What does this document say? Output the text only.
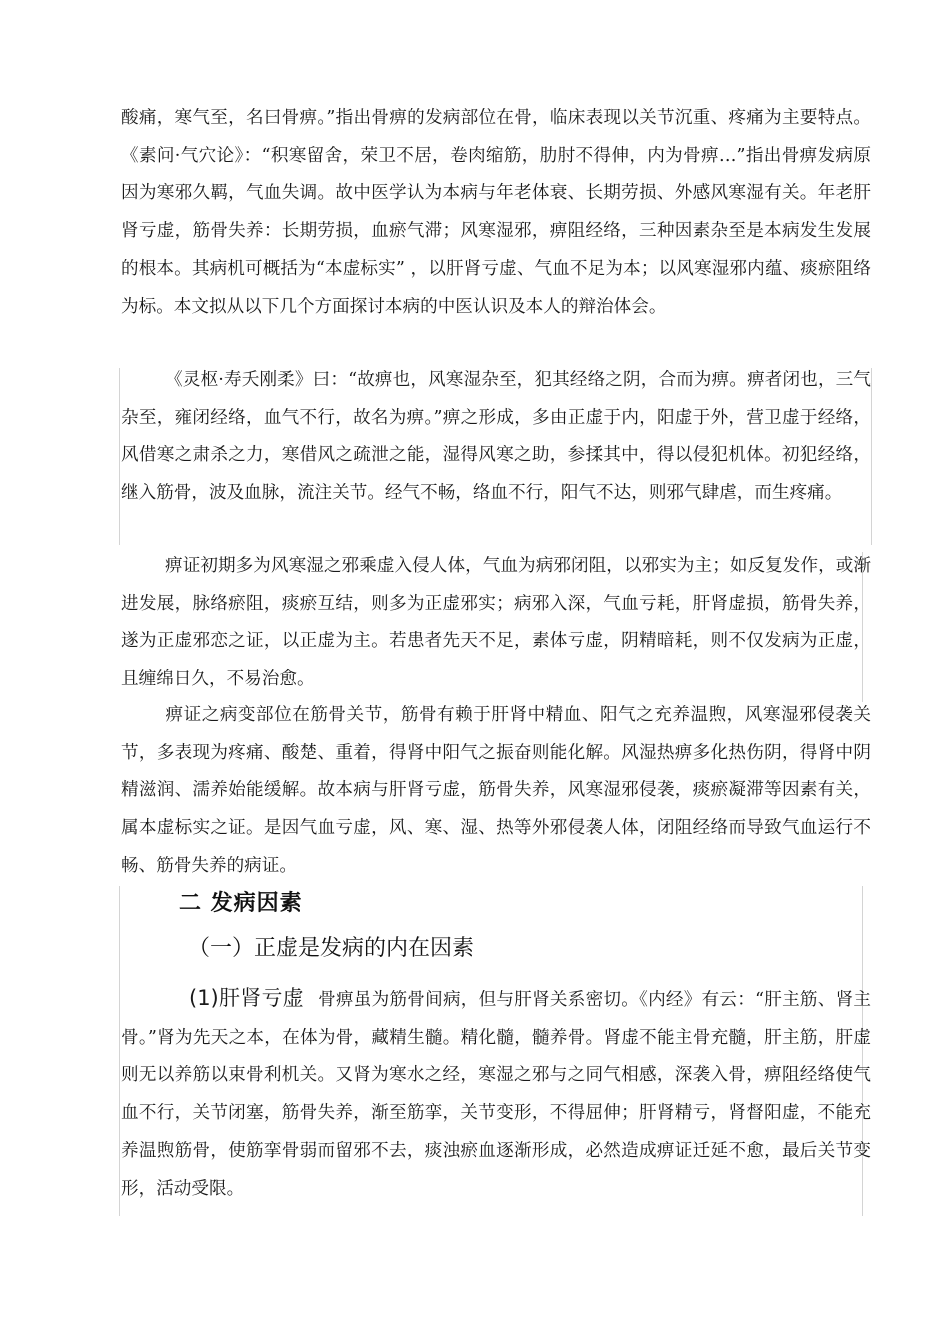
酸痛，寒气至，名曰骨痹。”指出骨痹的发病部位在骨，临床表现以关节沉重、疼痛为主要特点。 《素问·气穴论》：“积寒留舍，荣卫不居，卷肉缩筋，肋肘不得伸，内为骨痹…”指出骨痹发病原因为寒邪久羁，气血失调。故中医学认为本病与年老体衰、长期劳损、外感风寒湿有关。年老肝肾亏虚，筋骨失养：长期劳损，血瘀气滞；风寒湿邪，痹阻经络，三种因素杂至是本病发生发展的根本。其病机可概括为“本虚标实” ，以肝肾亏虚、气血不足为本；以风寒湿邪内蕴、痰瘀阻络为标。本文拟从以下几个方面探讨本病的中医认识及本人的辩治体会。
《灵枢·寿夭刚柔》曰：“故痹也，风寒湿杂至，犯其经络之阴，合而为痹。痹者闭也，三气杂至，雍闭经络，血气不行，故名为痹。”痹之形成，多由正虚于内，阳虚于外，营卫虚于经络，风借寒之肃杀之力，寒借风之疏泄之能，湿得风寒之助，参揉其中，得以侵犯机体。初犯经络，继入筋骨，波及血脉，流注关节。经气不畅，络血不行，阳气不达，则邪气肆虐，而生疼痛。
痹证初期多为风寒湿之邪乘虚入侵人体，气血为病邪闭阻，以邪实为主；如反复发作，或渐进发展，脉络瘀阻，痰瘀互结，则多为正虚邪实；病邪入深，气血亏耗，肝肾虚损，筋骨失养，遂为正虚邪恋之证，以正虚为主。若患者先天不足，素体亏虚，阴精暗耗，则不仅发病为正虚，且缠绵日久，不易治愈。
痹证之病变部位在筋骨关节，筋骨有赖于肝肾中精血、阳气之充养温煦，风寒湿邪侵袭关节，多表现为疼痛、酸楚、重着，得肾中阳气之振奋则能化解。风湿热痹多化热伤阴，得肾中阴精滋润、濡养始能缓解。故本病与肝肾亏虚，筋骨失养，风寒湿邪侵袭，痰瘀凝滞等因素有关，属本虚标实之证。是因气血亏虚，风、寒、湿、热等外邪侵袭人体，闭阻经络而导致气血运行不畅、筋骨失养的病证。
二 发病因素
（一）正虚是发病的内在因素
(1)肝肾亏虚 骨痹虽为筋骨间病，但与肝肾关系密切。《内经》有云：“肝主筋、肾主骨。”肾为先天之本，在体为骨，藏精生髓。精化髓，髓养骨。肾虚不能主骨充髓，肝主筋，肝虚则无以养筋以束骨利机关。又肾为寒水之经，寒湿之邪与之同气相感，深袭入骨，痹阻经络使气血不行，关节闭塞，筋骨失养，渐至筋挛，关节变形，不得屈伸；肝肾精亏，肾督阳虚，不能充养温煦筋骨，使筋挛骨弱而留邪不去，痰浊瘀血逐渐形成，必然造成痹证迁延不愈，最后关节变形，活动受限。
